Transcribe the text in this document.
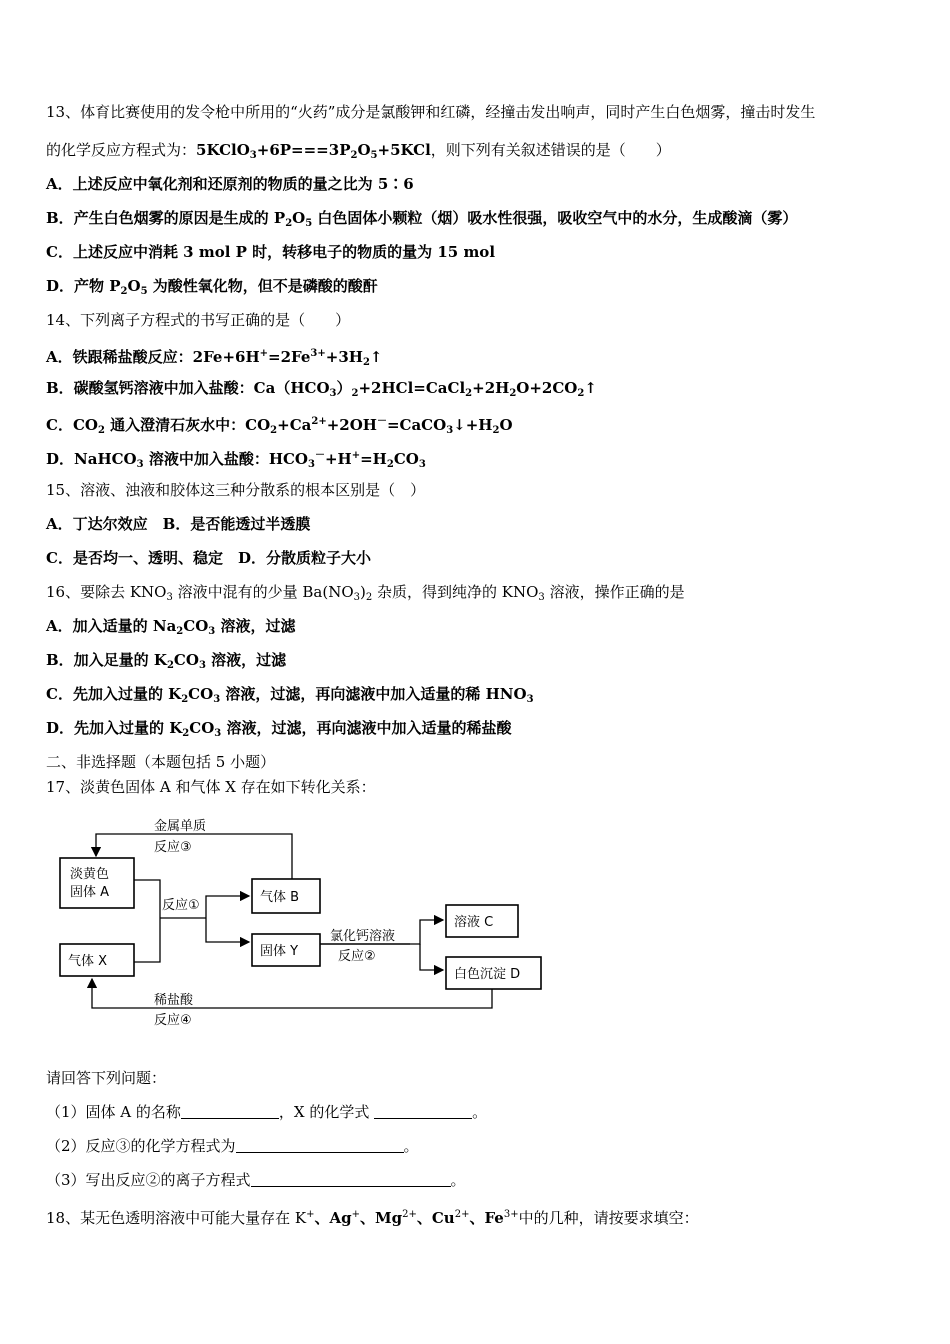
13、体育比赛使用的发令枪中所用的“火药”成分是氯酸钾和红磷，经撞击发出响声，同时产生白色烟雾，撞击时发生
的化学反应方程式为：$5KClO_3+6P===3P_2O_5+5KCl$，则下列有关叙述错误的是（　　）
A．上述反应中氧化剂和还原剂的物质的量之比为 5∶6
B．产生白色烟雾的原因是生成的 $P_2O_5$ 白色固体小颗粒（烟）吸水性很强，吸收空气中的水分，生成酸滴（雾）
C．上述反应中消耗 3 mol P 时，转移电子的物质的量为 15 mol
D．产物 $P_2O_5$ 为酸性氧化物，但不是磷酸的酸酐
14、下列离子方程式的书写正确的是（　　）
A．铁跟稀盐酸反应：$2Fe+6H^+=2Fe^{3+}+3H_2↑$
B．碳酸氢钙溶液中加入盐酸：$Ca(HCO_3)_2+2HCl=CaCl_2+2H_2O+2CO_2↑$
C．$CO_2$ 通入澄清石灰水中：$CO_2+Ca^{2+}+2OH^-=CaCO_3↓+H_2O$
D．NaHCO$_3$ 溶液中加入盐酸：$HCO_3^-+H^+=H_2CO_3$
15、溶液、浊液和胶体这三种分散系的根本区别是（　）
A．丁达尔效应　B．是否能透过半透膜
C．是否均一、透明、稳定　D．分散质粒子大小
16、要除去 $KNO_3$ 溶液中混有的少量 $Ba(NO_3)_2$ 杂质，得到纯净的 $KNO_3$ 溶液，操作正确的是
A．加入适量的 $Na_2CO_3$ 溶液，过滤
B．加入足量的 $K_2CO_3$ 溶液，过滤
C．先加入过量的 $K_2CO_3$ 溶液，过滤，再向滤液中加入适量的稀 $HNO_3$
D．先加入过量的 $K_2CO_3$ 溶液，过滤，再向滤液中加入适量的稀盐酸
二、非选择题（本题包括 5 小题）
17、淡黄色固体 A 和气体 X 存在如下转化关系：
淡黄色
固体 A
气体 X
气体 B
固体 Y
溶液 C
白色沉淀 D
金属单质
反应③
反应①
氯化钙溶液
反应②
稀盐酸
反应④
请回答下列问题：
（1）固体 A 的名称	，X 的化学式	。
（2）反应③的化学方程式为	。
（3）写出反应②的离子方程式	。
18、某无色透明溶液中可能大量存在 K+、Ag+、$Mg^{2+}$、$Cu^{2+}$、$Fe^{3+}$中的几种，请按要求填空：
